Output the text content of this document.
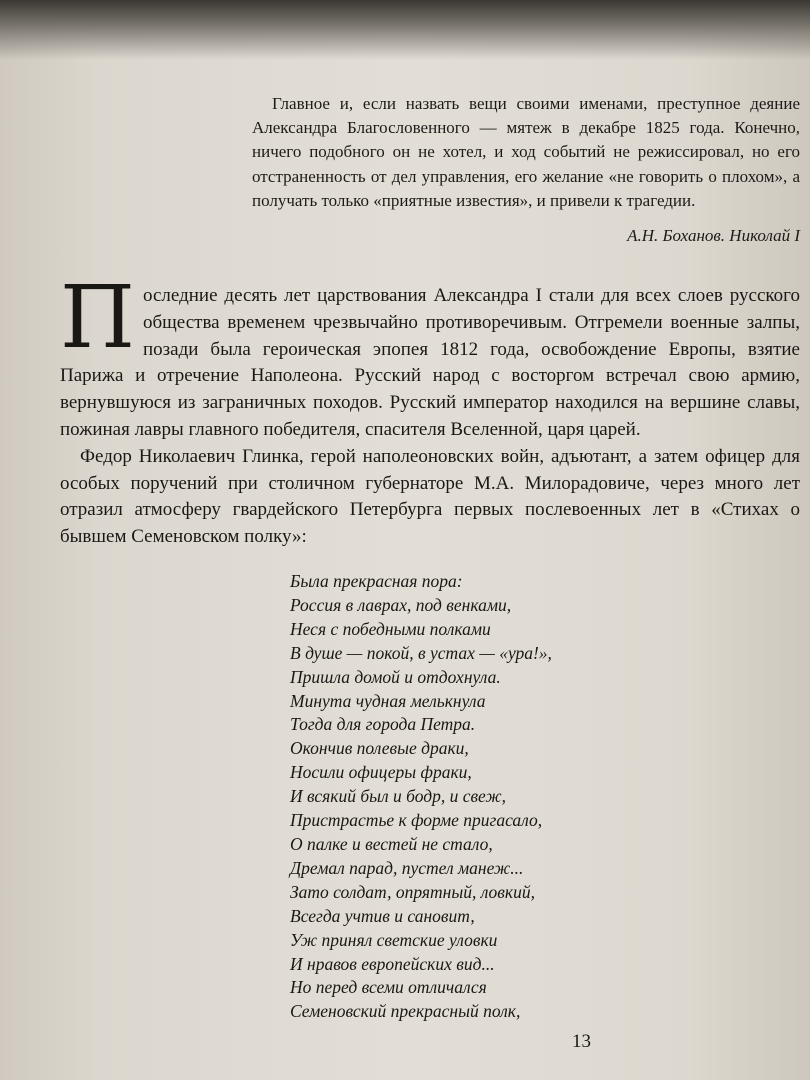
Главное и, если назвать вещи своими именами, преступное деяние Александра Благословенного — мятеж в декабре 1825 года. Конечно, ничего подобного он не хотел, и ход событий не режиссировал, но его отстраненность от дел управления, его желание «не говорить о плохом», а получать только «приятные известия», и привели к трагедии.

А.Н. Боханов. Николай I

Последние десять лет царствования Александра I стали для всех слоев русского общества временем чрезвычайно противоречивым. Отгремели военные залпы, позади была героическая эпопея 1812 года, освобождение Европы, взятие Парижа и отречение Наполеона. Русский народ с восторгом встречал свою армию, вернувшуюся из заграничных походов. Русский император находился на вершине славы, пожиная лавры главного победителя, спасителя Вселенной, царя царей.

Федор Николаевич Глинка, герой наполеоновских войн, адъютант, а затем офицер для особых поручений при столичном губернаторе М.А. Милорадовиче, через много лет отразил атмосферу гвардейского Петербурга первых послевоенных лет в «Стихах о бывшем Семеновском полку»:

Была прекрасная пора:
Россия в лаврах, под венками,
Неся с победными полками
В душе — покой, в устах — «ура!»,
Пришла домой и отдохнула.
Минута чудная мелькнула
Тогда для города Петра.
Окончив полевые драки,
Носили офицеры фраки,
И всякий был и бодр, и свеж,
Пристрастье к форме пригасало,
О палке и вестей не стало,
Дремал парад, пустел манеж...
Зато солдат, опрятный, ловкий,
Всегда учтив и сановит,
Уж принял светские уловки
И нравов европейских вид...
Но перед всеми отличался
Семеновский прекрасный полк,
13
